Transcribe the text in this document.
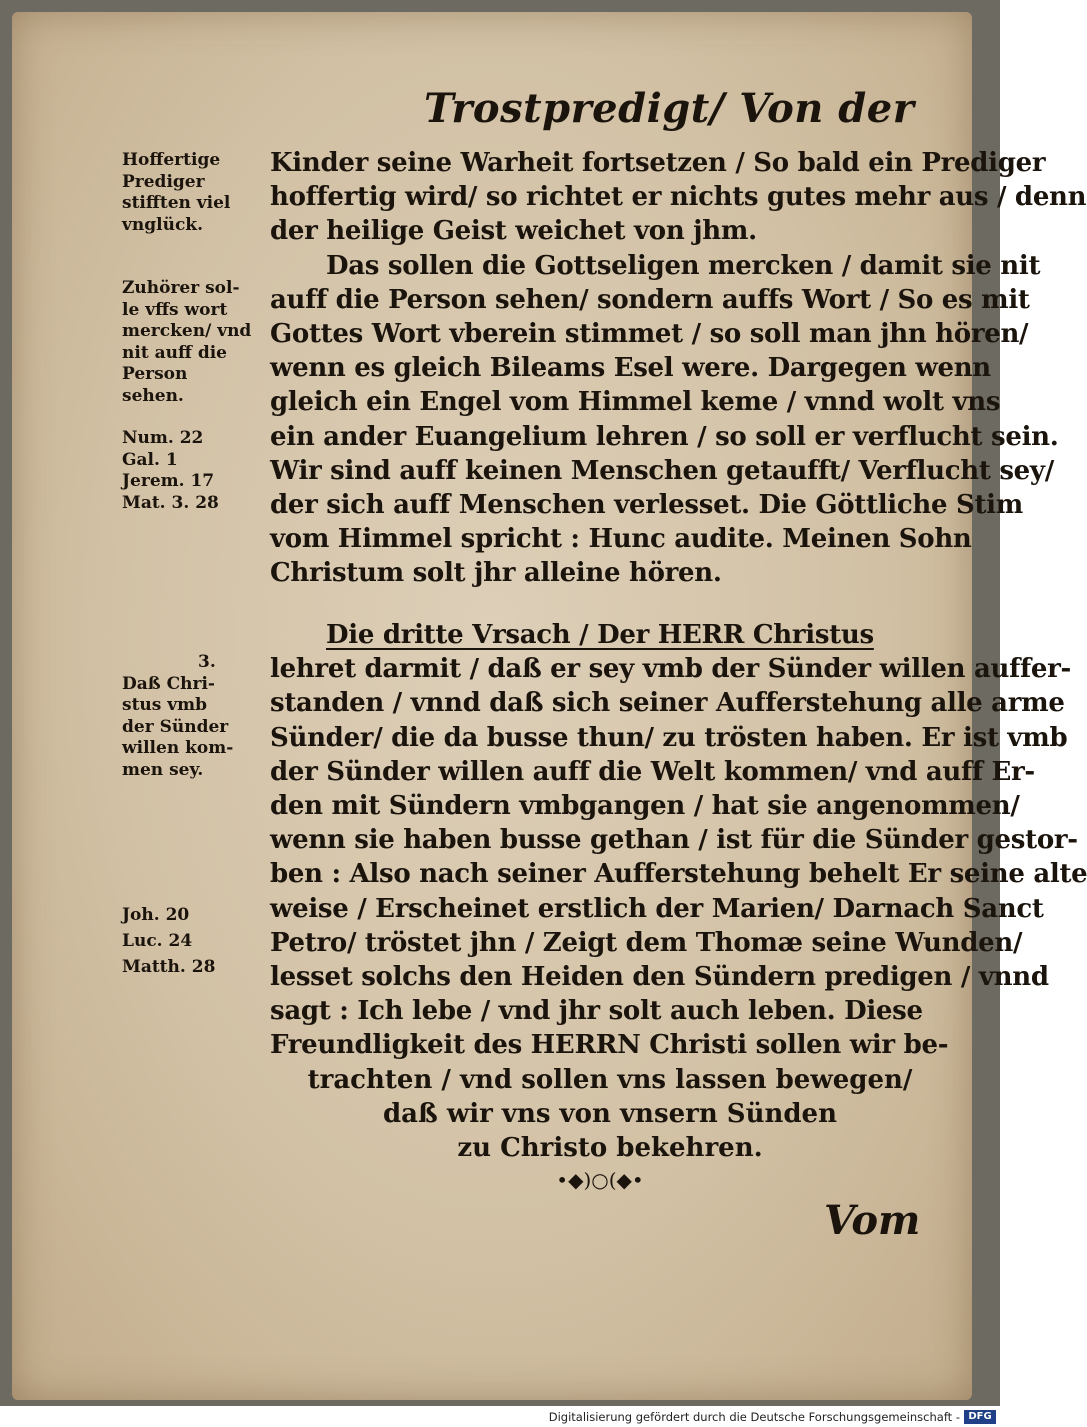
Trostpredigt/ Von der
Kinder seine Warheit fortsetzen / So bald ein Prediger
hoffertig wird/ so richtet er nichts gutes mehr aus / denn
der heilige Geist weichet von jhm.
Das sollen die Gottseligen mercken / damit sie nit
auff die Person sehen/ sondern auffs Wort / So es mit
Gottes Wort vberein stimmet / so soll man jhn hören/
wenn es gleich Bileams Esel were. Dargegen wenn
gleich ein Engel vom Himmel keme / vnnd wolt vns
ein ander Euangelium lehren / so soll er verflucht sein.
Wir sind auff keinen Menschen getaufft/ Verflucht sey/
der sich auff Menschen verlesset. Die Göttliche Stim
vom Himmel spricht : Hunc audite. Meinen Sohn
Christum solt jhr alleine hören.
Die dritte Vrsach / Der HERR Christus
lehret darmit / daß er sey vmb der Sünder willen auffer-
standen / vnnd daß sich seiner Aufferstehung alle arme
Sünder/ die da busse thun/ zu trösten haben. Er ist vmb
der Sünder willen auff die Welt kommen/ vnd auff Er-
den mit Sündern vmbgangen / hat sie angenommen/
wenn sie haben busse gethan / ist für die Sünder gestor-
ben : Also nach seiner Aufferstehung behelt Er seine alte
weise / Erscheinet erstlich der Marien/ Darnach Sanct
Petro/ tröstet jhn / Zeigt dem Thomæ seine Wunden/
lesset solchs den Heiden den Sündern predigen / vnnd
sagt : Ich lebe / vnd jhr solt auch leben. Diese
Freundligkeit des HERRN Christi sollen wir be-
trachten / vnd sollen vns lassen bewegen/
daß wir vns von vnsern Sünden
zu Christo bekehren.
•◆)○(◆•
Vom
Hoffertige
Prediger
stifften viel
vnglück.
Zuhörer sol-
le vffs wort
mercken/ vnd
nit auff die
Person
sehen.
Num. 22
Gal. 1
Jerem. 17
Mat. 3. 28
3.
Daß Chri-
stus vmb
der Sünder
willen kom-
men sey.
Joh. 20
Luc. 24
Matth. 28
Digitalisierung gefördert durch die Deutsche Forschungsgemeinschaft - DFG
